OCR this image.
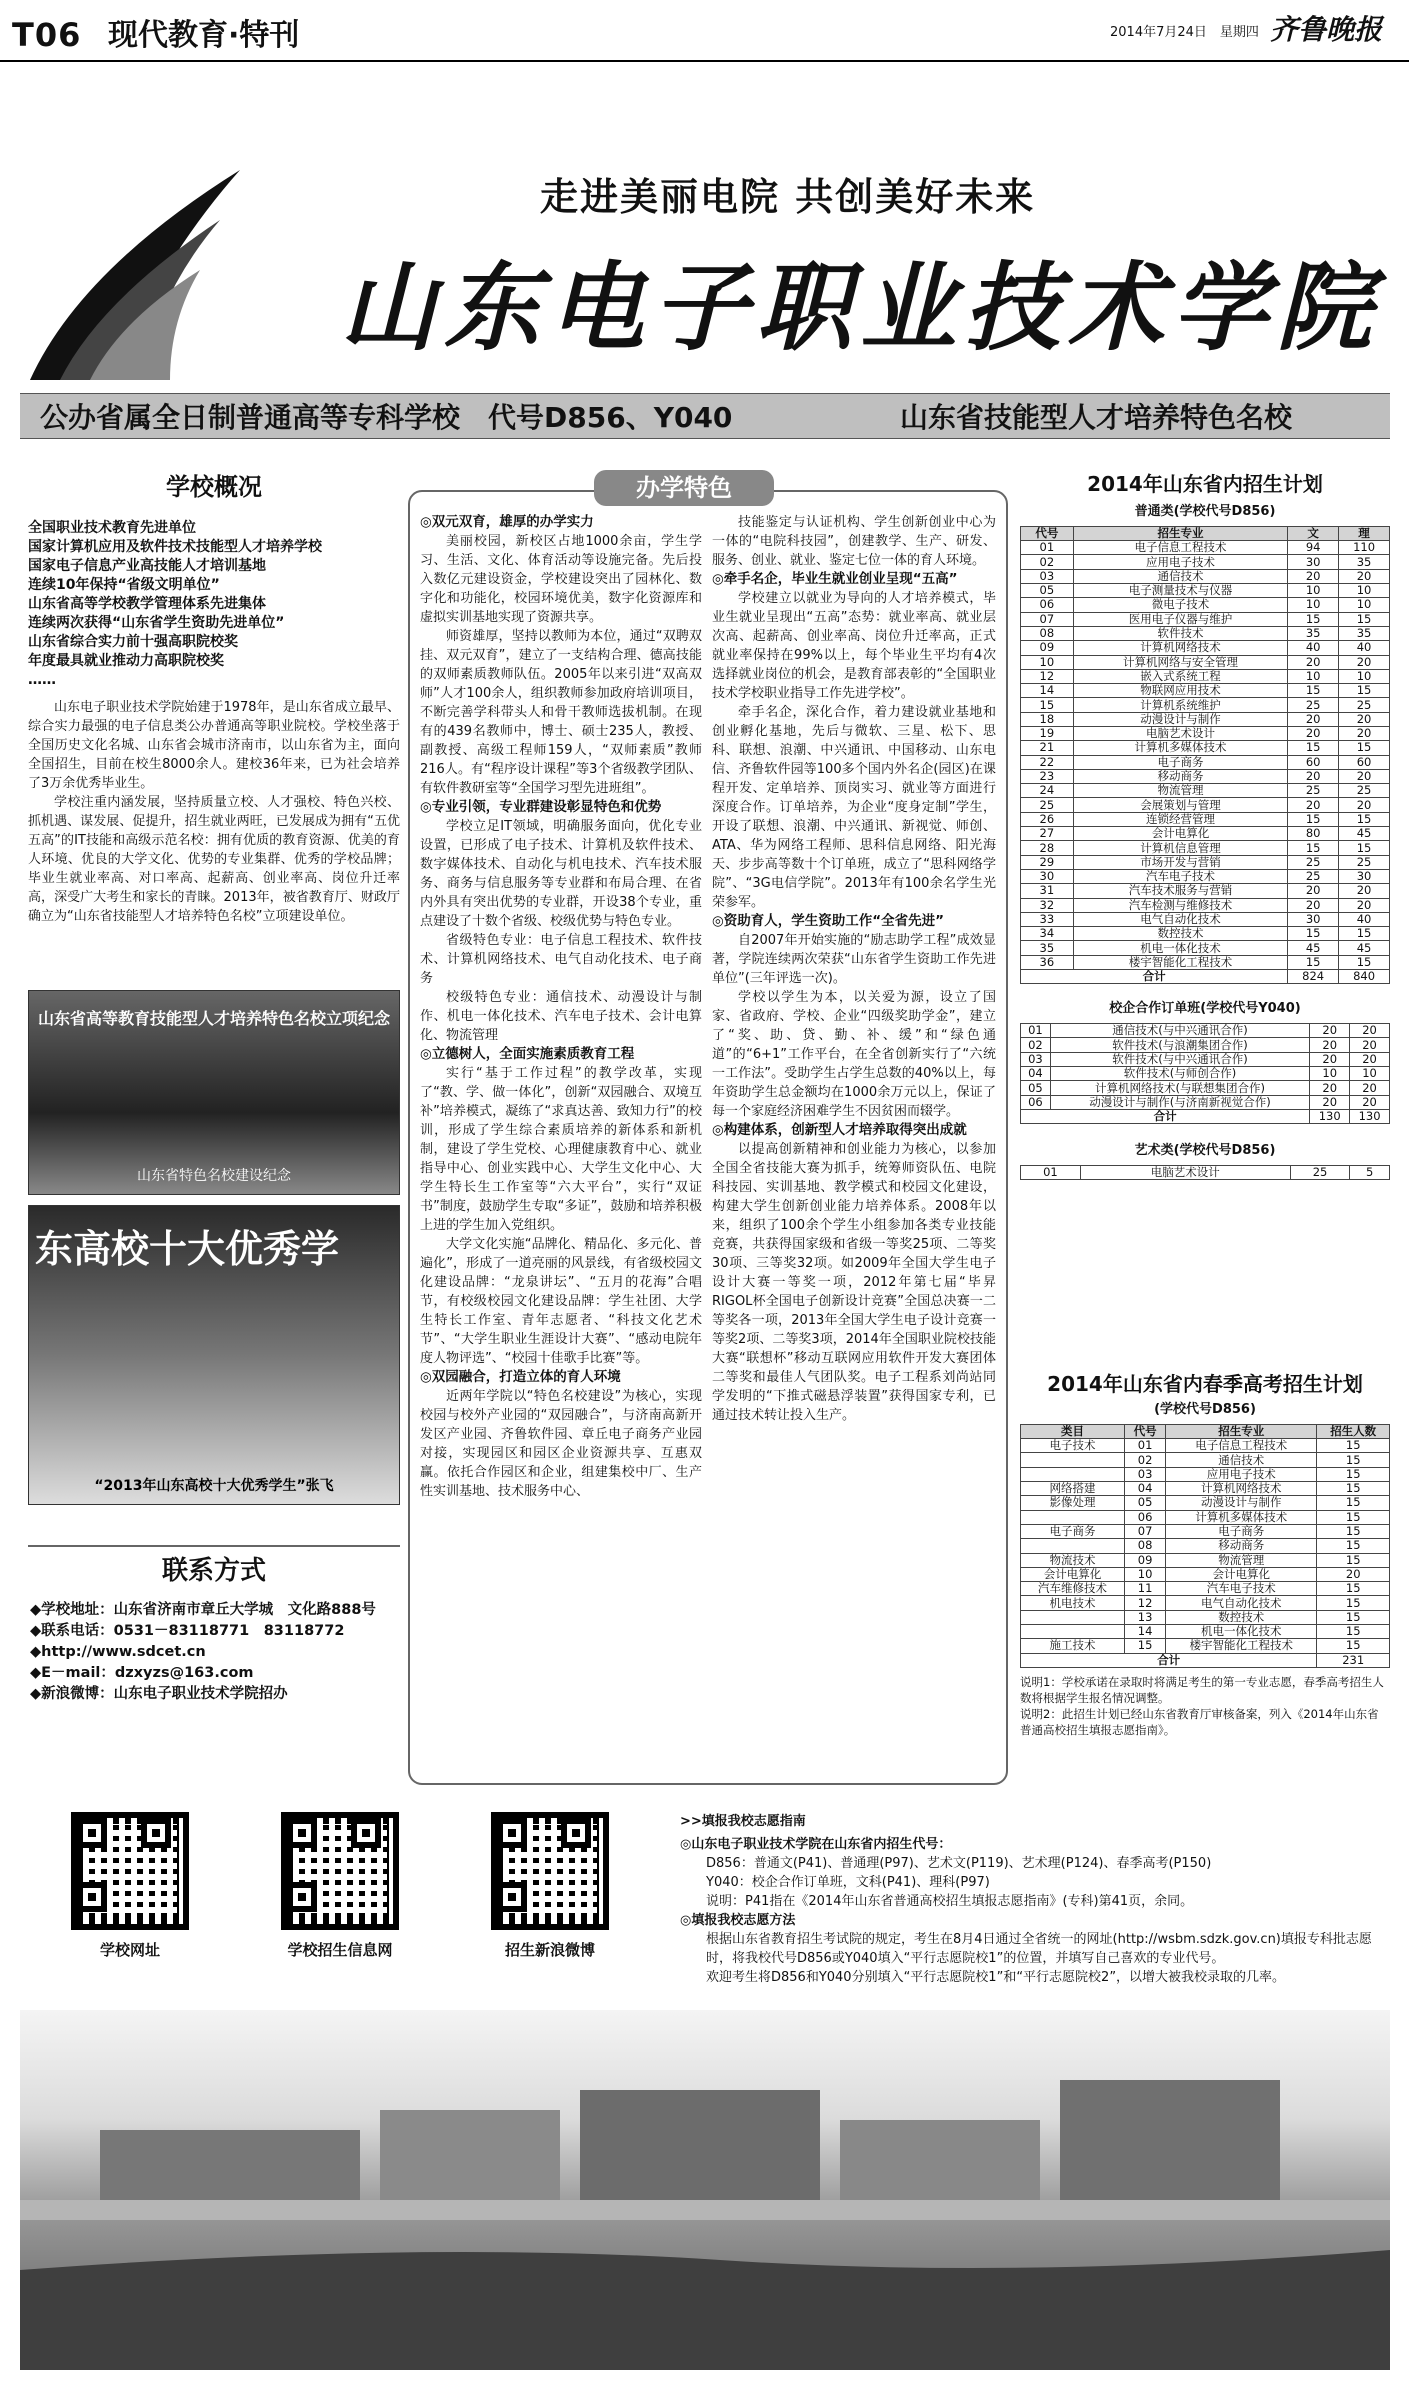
T06 现代教育·特刊	2014年7月24日　星期四 齐鲁晚报
走进美丽电院 共创美好未来
山东电子职业技术学院
公办省属全日制普通高等专科学校　代号D856、Y040	山东省技能型人才培养特色名校
学校概况
全国职业技术教育先进单位
国家计算机应用及软件技术技能型人才培养学校
国家电子信息产业高技能人才培训基地
连续10年保持“省级文明单位”
山东省高等学校教学管理体系先进集体
连续两次获得“山东省学生资助先进单位”
山东省综合实力前十强高职院校奖
年度最具就业推动力高职院校奖
……
山东电子职业技术学院始建于1978年，是山东省成立最早、综合实力最强的电子信息类公办普通高等职业院校。学校坐落于全国历史文化名城、山东省会城市济南市，以山东省为主，面向全国招生，目前在校生8000余人。建校36年来，已为社会培养了3万余优秀毕业生。
学校注重内涵发展，坚持质量立校、人才强校、特色兴校、抓机遇、谋发展、促提升，招生就业两旺，已发展成为拥有“五优五高”的IT技能和高级示范名校：拥有优质的教育资源、优美的育人环境、优良的大学文化、优势的专业集群、优秀的学校品牌；毕业生就业率高、对口率高、起薪高、创业率高、岗位升迁率高，深受广大考生和家长的青睐。2013年，被省教育厅、财政厅确立为“山东省技能型人才培养特色名校”立项建设单位。
山东省高等教育技能型人才培养特色名校立项纪念
山东省特色名校建设纪念
东高校十大优秀学
“2013年山东高校十大优秀学生”张飞
联系方式
◆学校地址：山东省济南市章丘大学城　文化路888号
◆联系电话：0531－83118771　83118772
◆http://www.sdcet.cn
◆E－mail：dzxyzs@163.com
◆新浪微博：山东电子职业技术学院招办
办学特色
◎双元双育，雄厚的办学实力
美丽校园，新校区占地1000余亩，学生学习、生活、文化、体育活动等设施完备。先后投入数亿元建设资金，学校建设突出了园林化、数字化和功能化，校园环境优美，数字化资源库和虚拟实训基地实现了资源共享。
师资雄厚，坚持以教师为本位，通过“双聘双挂、双元双育”，建立了一支结构合理、德高技能的双师素质教师队伍。2005年以来引进“双高双师”人才100余人，组织教师参加政府培训项目，不断完善学科带头人和骨干教师选拔机制。在现有的439名教师中，博士、硕士235人，教授、副教授、高级工程师159人，“双师素质”教师216人。有“程序设计课程”等3个省级教学团队、有软件教研室等“全国学习型先进班组”。
◎专业引领，专业群建设彰显特色和优势
学校立足IT领域，明确服务面向，优化专业设置，已形成了电子技术、计算机及软件技术、数字媒体技术、自动化与机电技术、汽车技术服务、商务与信息服务等专业群和布局合理、在省内外具有突出优势的专业群，开设38个专业，重点建设了十数个省级、校级优势与特色专业。
省级特色专业：电子信息工程技术、软件技术、计算机网络技术、电气自动化技术、电子商务
校级特色专业：通信技术、动漫设计与制作、机电一体化技术、汽车电子技术、会计电算化、物流管理
◎立德树人，全面实施素质教育工程
实行“基于工作过程”的教学改革，实现了“教、学、做一体化”，创新“双园融合、双境互补”培养模式，凝练了“求真达善、致知力行”的校训，形成了学生综合素质培养的新体系和新机制，建设了学生党校、心理健康教育中心、就业指导中心、创业实践中心、大学生文化中心、大学生特长生工作室等“六大平台”，实行“双证书”制度，鼓励学生专取“多证”，鼓励和培养积极上进的学生加入党组织。
大学文化实施“品牌化、精品化、多元化、普遍化”，形成了一道亮丽的风景线，有省级校园文化建设品牌：“龙泉讲坛”、“五月的花海”合唱节，有校级校园文化建设品牌：学生社团、大学生特长工作室、青年志愿者、“科技文化艺术节”、“大学生职业生涯设计大赛”、“感动电院年度人物评选”、“校园十佳歌手比赛”等。
◎双园融合，打造立体的育人环境
近两年学院以“特色名校建设”为核心，实现校园与校外产业园的“双园融合”，与济南高新开发区产业园、齐鲁软件园、章丘电子商务产业园对接，实现园区和园区企业资源共享、互惠双赢。依托合作园区和企业，组建集校中厂、生产性实训基地、技术服务中心、
技能鉴定与认证机构、学生创新创业中心为一体的“电院科技园”，创建教学、生产、研发、服务、创业、就业、鉴定七位一体的育人环境。
◎牵手名企，毕业生就业创业呈现“五高”
学校建立以就业为导向的人才培养模式，毕业生就业呈现出“五高”态势：就业率高、就业层次高、起薪高、创业率高、岗位升迁率高，正式就业率保持在99%以上，每个毕业生平均有4次选择就业岗位的机会，是教育部表彰的“全国职业技术学校职业指导工作先进学校”。
牵手名企，深化合作，着力建设就业基地和创业孵化基地，先后与微软、三星、松下、思科、联想、浪潮、中兴通讯、中国移动、山东电信、齐鲁软件园等100多个国内外名企(园区)在课程开发、定单培养、顶岗实习、就业等方面进行深度合作。订单培养，为企业“度身定制”学生，开设了联想、浪潮、中兴通讯、新视觉、师创、ATA、华为网络工程师、思科信息网络、阳光海天、步步高等数十个订单班，成立了“思科网络学院”、“3G电信学院”。2013年有100余名学生光荣参军。
◎资助育人，学生资助工作“全省先进”
自2007年开始实施的“励志助学工程”成效显著，学院连续两次荣获“山东省学生资助工作先进单位”(三年评选一次)。
学校以学生为本，以关爱为源，设立了国家、省政府、学校、企业“四级奖助学金”，建立了“奖、助、贷、勤、补、缓”和“绿色通道”的“6+1”工作平台，在全省创新实行了“六统一工作法”。受助学生占学生总数的40%以上，每年资助学生总金额均在1000余万元以上，保证了每一个家庭经济困难学生不因贫困而辍学。
◎构建体系，创新型人才培养取得突出成就
以提高创新精神和创业能力为核心，以参加全国全省技能大赛为抓手，统筹师资队伍、电院科技园、实训基地、教学模式和校园文化建设，构建大学生创新创业能力培养体系。2008年以来，组织了100余个学生小组参加各类专业技能竞赛，共获得国家级和省级一等奖25项、二等奖30项、三等奖32项。如2009年全国大学生电子设计大赛一等奖一项，2012年第七届“毕昇RIGOL杯全国电子创新设计竞赛”全国总决赛一二等奖各一项，2013年全国大学生电子设计竞赛一等奖2项、二等奖3项，2014年全国职业院校技能大赛“联想杯”移动互联网应用软件开发大赛团体二等奖和最佳人气团队奖。电子工程系刘尚站同学发明的“下推式磁悬浮装置”获得国家专利，已通过技术转让投入生产。
2014年山东省内招生计划
普通类(学校代号D856)
代号	招生专业	文	理
01	电子信息工程技术	94	110
02	应用电子技术	30	35
03	通信技术	20	20
05	电子测量技术与仪器	10	10
06	微电子技术	10	10
07	医用电子仪器与维护	15	15
08	软件技术	35	35
09	计算机网络技术	40	40
10	计算机网络与安全管理	20	20
12	嵌入式系统工程	10	10
14	物联网应用技术	15	15
15	计算机系统维护	25	25
18	动漫设计与制作	20	20
19	电脑艺术设计	20	20
21	计算机多媒体技术	15	15
22	电子商务	60	60
23	移动商务	20	20
24	物流管理	25	25
25	会展策划与管理	20	20
26	连锁经营管理	15	15
27	会计电算化	80	45
28	计算机信息管理	15	15
29	市场开发与营销	25	25
30	汽车电子技术	25	30
31	汽车技术服务与营销	20	20
32	汽车检测与维修技术	20	20
33	电气自动化技术	30	40
34	数控技术	15	15
35	机电一体化技术	45	45
36	楼宇智能化工程技术	15	15
合计		824	840
校企合作订单班(学校代号Y040)
01	通信技术(与中兴通讯合作)	20	20
02	软件技术(与浪潮集团合作)	20	20
03	软件技术(与中兴通讯合作)	20	20
04	软件技术(与师创合作)	10	10
05	计算机网络技术(与联想集团合作)	20	20
06	动漫设计与制作(与济南新视觉合作)	20	20
合计		130	130
艺术类(学校代号D856)
01	电脑艺术设计	25	5
2014年山东省内春季高考招生计划
(学校代号D856)
类目	代号	招生专业	招生人数
电子技术	01	电子信息工程技术	15
	02	通信技术	15
	03	应用电子技术	15
网络搭建	04	计算机网络技术	15
影像处理	05	动漫设计与制作	15
	06	计算机多媒体技术	15
电子商务	07	电子商务	15
	08	移动商务	15
物流技术	09	物流管理	15
会计电算化	10	会计电算化	20
汽车维修技术	11	汽车电子技术	15
机电技术	12	电气自动化技术	15
	13	数控技术	15
	14	机电一体化技术	15
施工技术	15	楼宇智能化工程技术	15
合计			231
说明1：学校承诺在录取时将满足考生的第一专业志愿，春季高考招生人数将根据学生报名情况调整。
说明2：此招生计划已经山东省教育厅审核备案，列入《2014年山东省普通高校招生填报志愿指南》。
学校网址	学校招生信息网	招生新浪微博
>>填报我校志愿指南
◎山东电子职业技术学院在山东省内招生代号：
D856：普通文(P41)、普通理(P97)、艺术文(P119)、艺术理(P124)、春季高考(P150)
Y040：校企合作订单班，文科(P41)、理科(P97)
说明：P41指在《2014年山东省普通高校招生填报志愿指南》(专科)第41页，余同。
◎填报我校志愿方法
根据山东省教育招生考试院的规定，考生在8月4日通过全省统一的网址(http://wsbm.sdzk.gov.cn)填报专科批志愿时，将我校代号D856或Y040填入“平行志愿院校1”的位置，并填写自己喜欢的专业代号。
欢迎考生将D856和Y040分别填入“平行志愿院校1”和“平行志愿院校2”，以增大被我校录取的几率。
